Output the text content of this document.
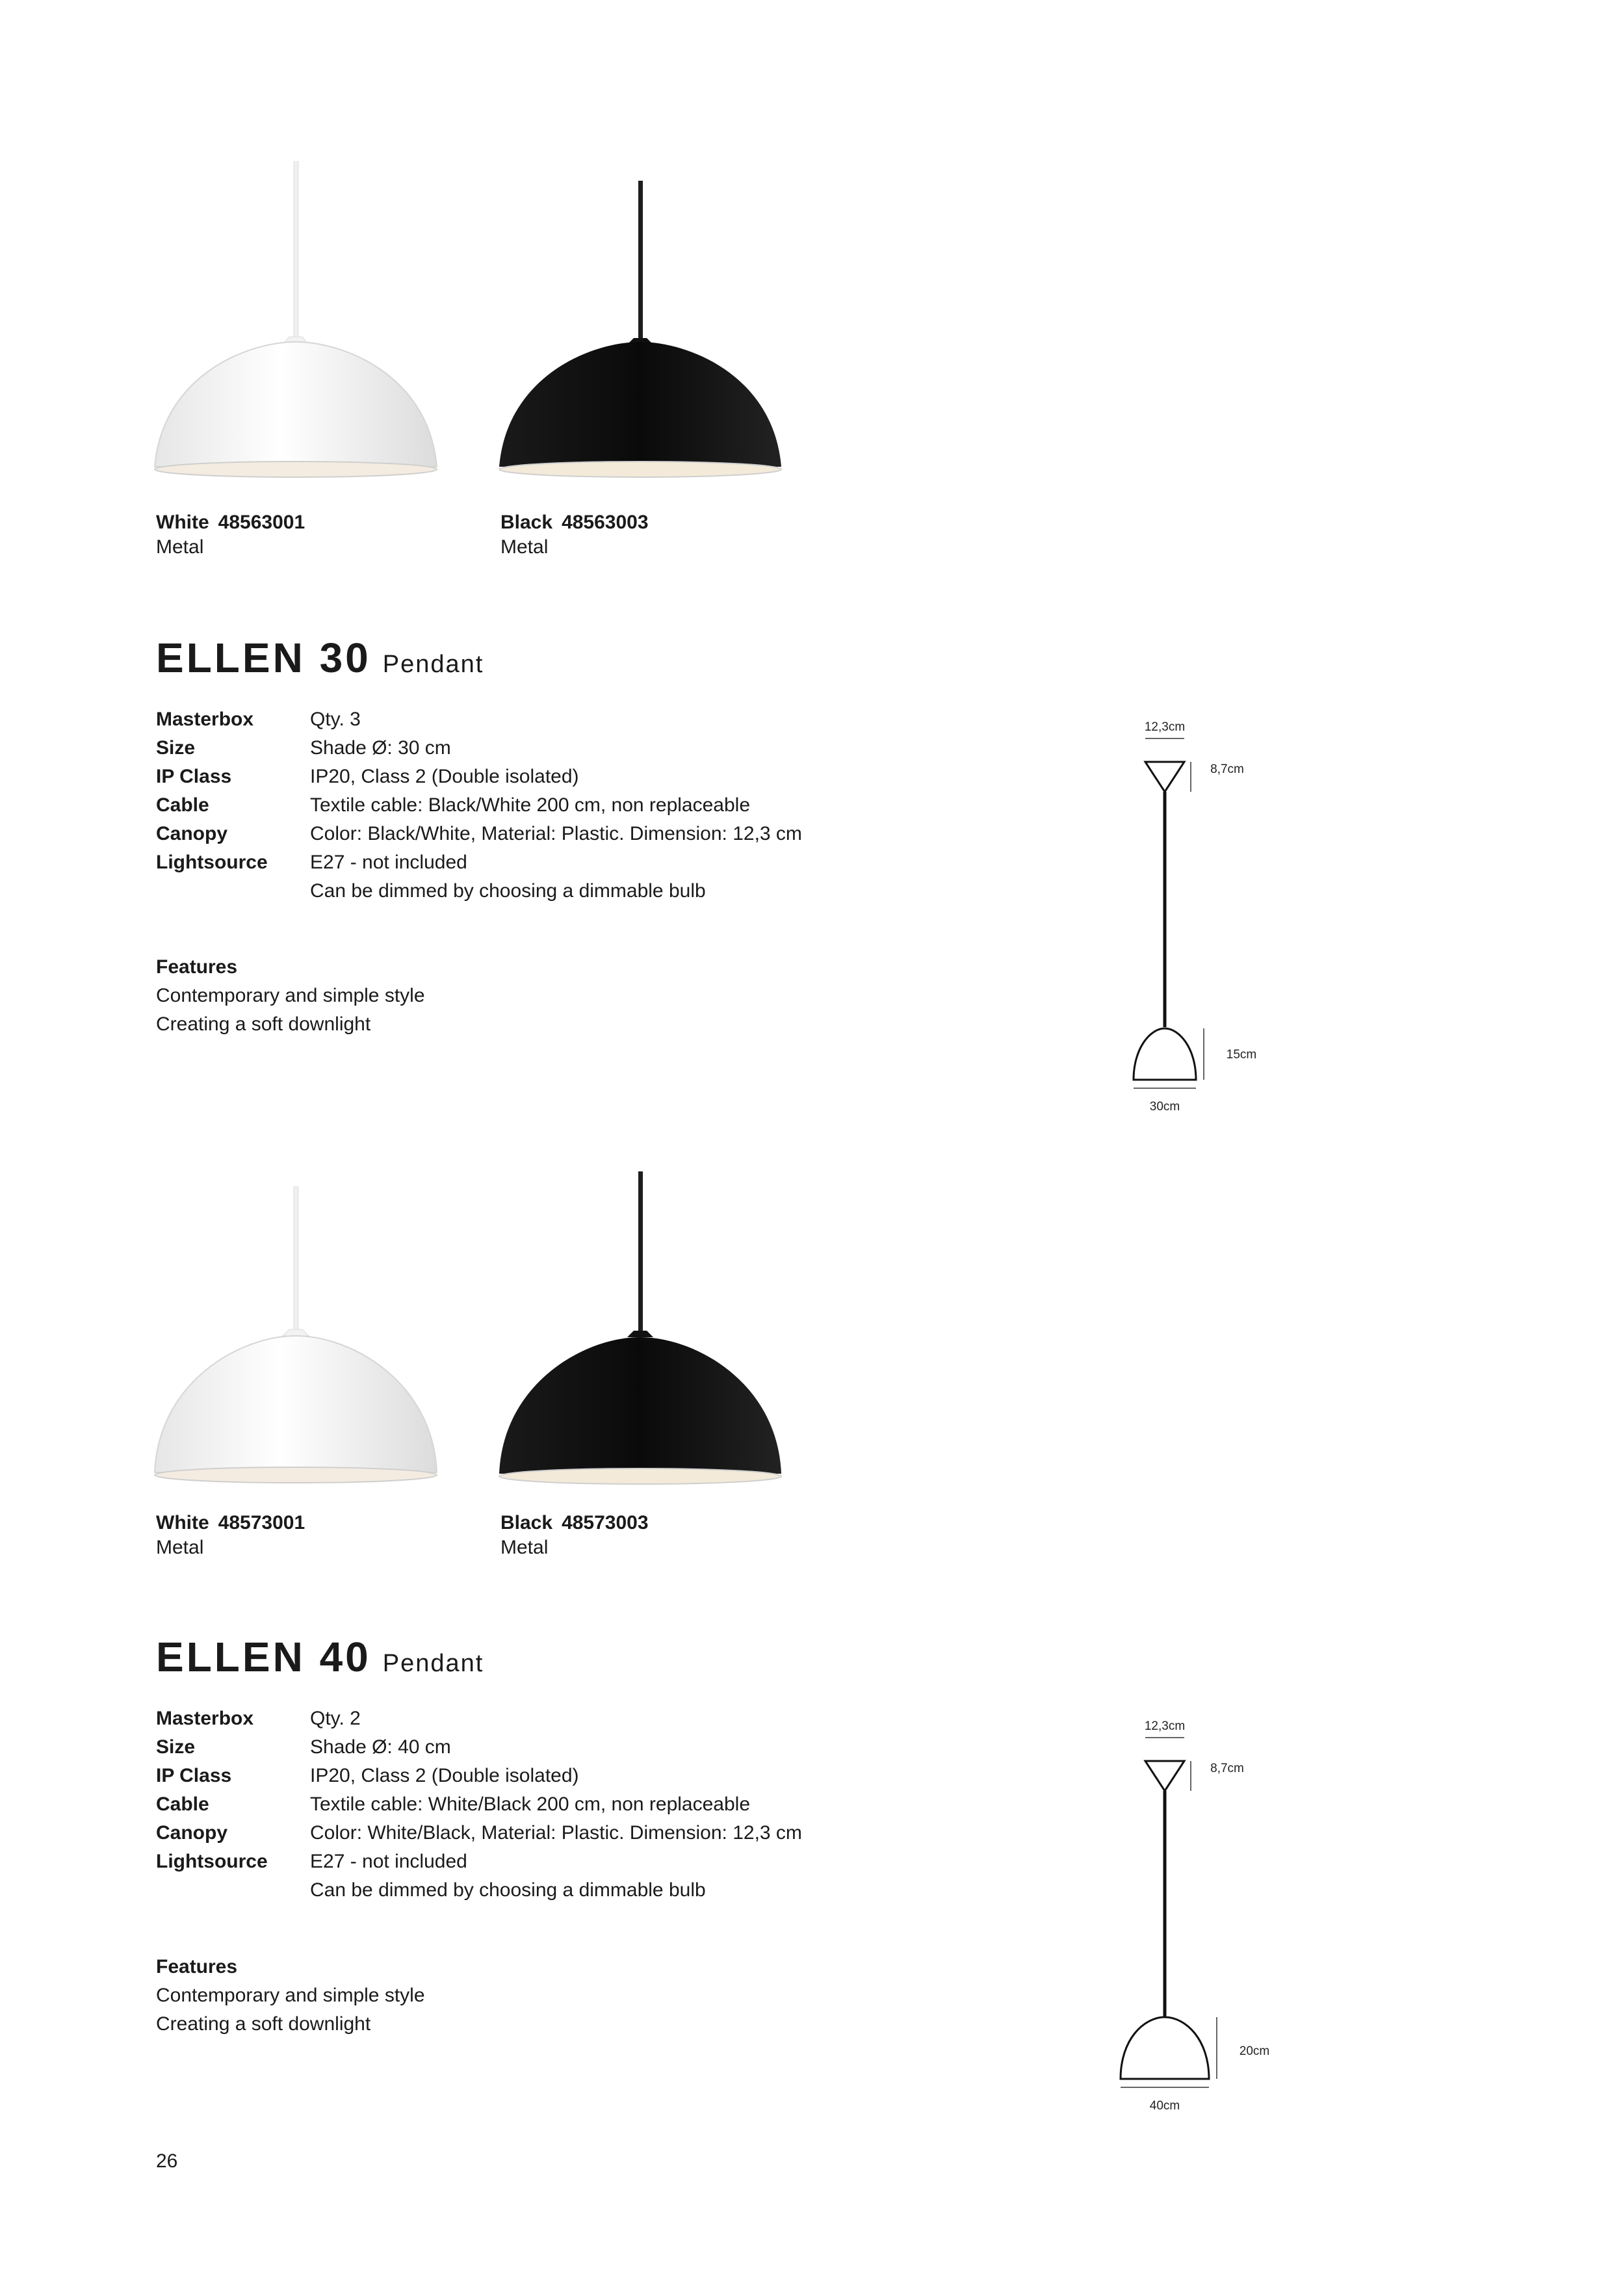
White 48563001
Metal
Black 48563003
Metal
ELLEN 30 Pendant
Masterbox	Qty. 3
Size	Shade Ø: 30 cm
IP Class	IP20, Class 2 (Double isolated)
Cable	Textile cable: Black/White 200 cm, non replaceable
Canopy	Color: Black/White, Material: Plastic. Dimension: 12,3 cm
Lightsource E27 - not included
Can be dimmed by choosing a dimmable bulb
Features
Contemporary and simple style
Creating a soft downlight
12,3cm
8,7cm
30cm
15cm
White 48573001
Metal
Black 48573003
Metal
ELLEN 40 Pendant
Masterbox	Qty. 2
Size	Shade Ø: 40 cm
IP Class	IP20, Class 2 (Double isolated)
Cable	Textile cable: White/Black 200 cm, non replaceable
Canopy	Color: White/Black, Material: Plastic. Dimension: 12,3 cm
Lightsource E27 - not included
Can be dimmed by choosing a dimmable bulb
Features
Contemporary and simple style
Creating a soft downlight
12,3cm
8,7cm
40cm
20cm
26
